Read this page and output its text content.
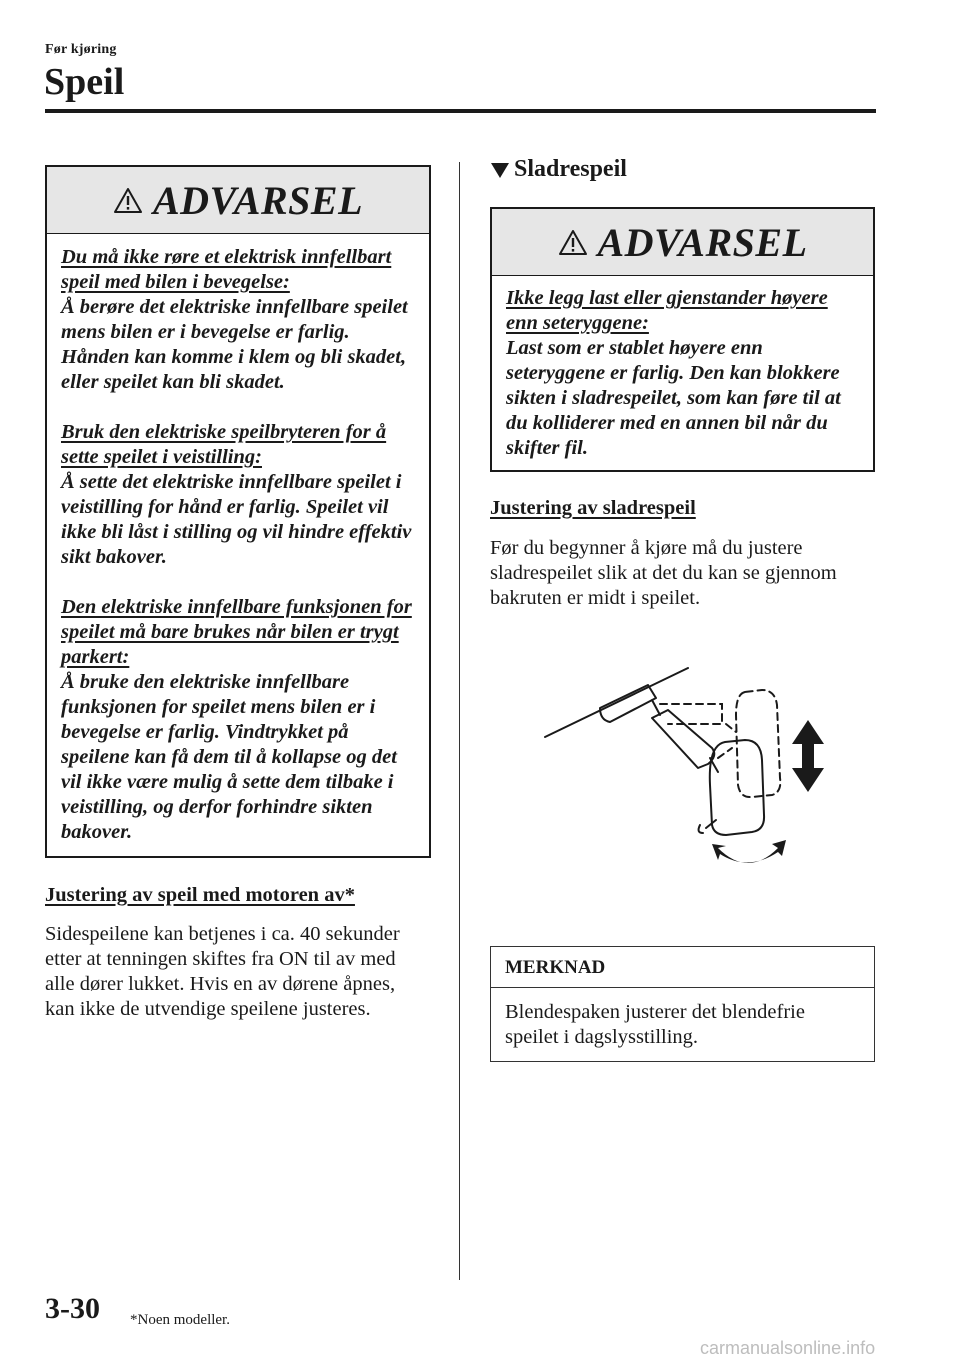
Før kjøring
Speil
ADVARSEL

Du må ikke røre et elektrisk innfellbart speil med bilen i bevegelse:
Å berøre det elektriske innfellbare speilet mens bilen er i bevegelse er farlig. Hånden kan komme i klem og bli skadet, eller speilet kan bli skadet.

Bruk den elektriske speilbryteren for å sette speilet i veistilling:
Å sette det elektriske innfellbare speilet i veistilling for hånd er farlig. Speilet vil ikke bli låst i stilling og vil hindre effektiv sikt bakover.

Den elektriske innfellbare funksjonen for speilet må bare brukes når bilen er trygt parkert:
Å bruke den elektriske innfellbare funksjonen for speilet mens bilen er i bevegelse er farlig. Vindtrykket på speilene kan få dem til å kollapse og det vil ikke være mulig å sette dem tilbake i veistilling, og derfor forhindre sikten bakover.

Justering av speil med motoren av*

Sidespeilene kan betjenes i ca. 40 sekunder etter at tenningen skiftes fra ON til av med alle dører lukket. Hvis en av dørene åpnes, kan ikke de utvendige speilene justeres.

Sladrespeil
ADVARSEL

Ikke legg last eller gjenstander høyere enn seteryggene:
Last som er stablet høyere enn seteryggene er farlig. Den kan blokkere sikten i sladrespeilet, som kan føre til at du kolliderer med en annen bil når du skifter fil.

Justering av sladrespeil

Før du begynner å kjøre må du justere sladrespeilet slik at det du kan se gjennom bakruten er midt i speilet.

MERKNAD
Blendespaken justerer det blendefrie speilet i dagslysstilling.
3-30 *Noen modeller.
carmanualsonline.info
